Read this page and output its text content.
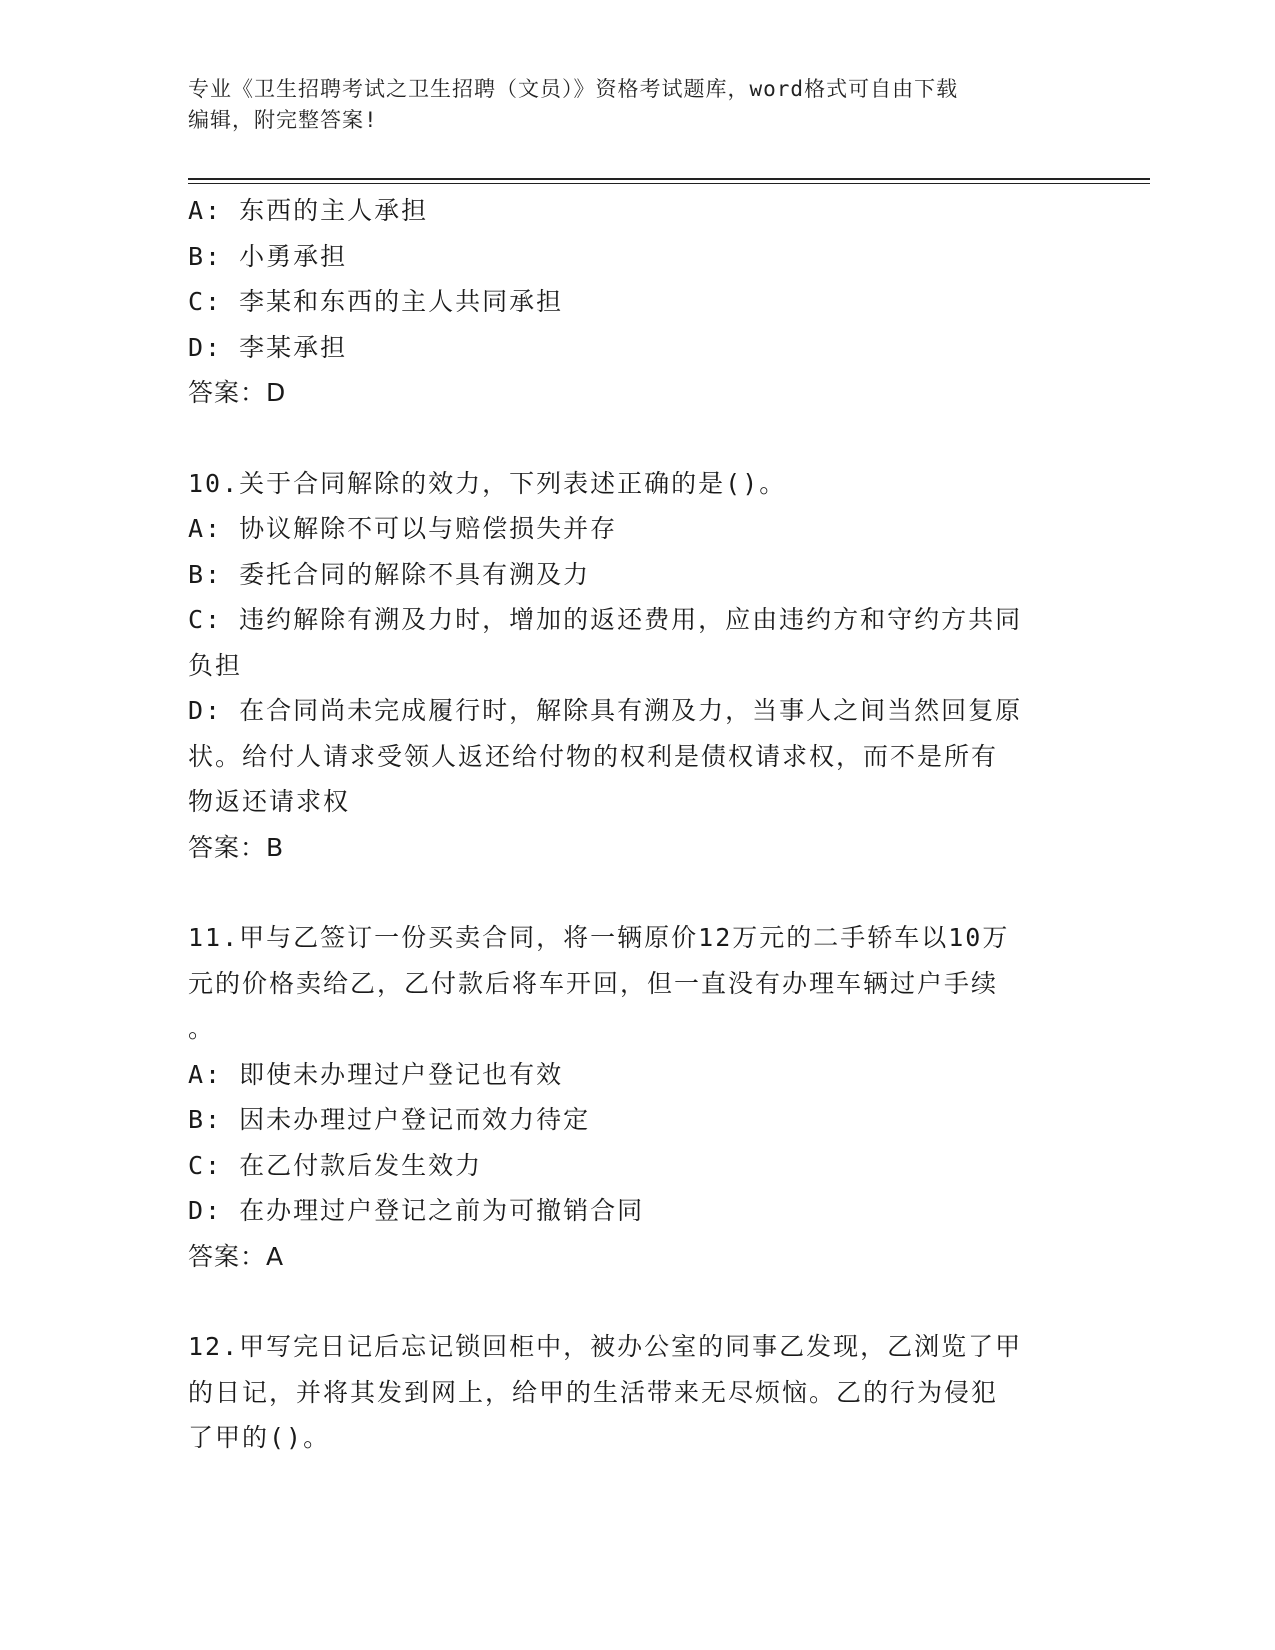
专业《卫生招聘考试之卫生招聘（文员）》资格考试题库，word格式可自由下载
编辑，附完整答案!
A: 东西的主人承担
B: 小勇承担
C: 李某和东西的主人共同承担
D: 李某承担
答案：D
10.关于合同解除的效力，下列表述正确的是()。
A: 协议解除不可以与赔偿损失并存
B: 委托合同的解除不具有溯及力
C: 违约解除有溯及力时，增加的返还费用，应由违约方和守约方共同
负担
D: 在合同尚未完成履行时，解除具有溯及力，当事人之间当然回复原
状。给付人请求受领人返还给付物的权利是债权请求权，而不是所有
物返还请求权
答案：B
11.甲与乙签订一份买卖合同，将一辆原价12万元的二手轿车以10万
元的价格卖给乙，乙付款后将车开回，但一直没有办理车辆过户手续
。
A: 即使未办理过户登记也有效
B: 因未办理过户登记而效力待定
C: 在乙付款后发生效力
D: 在办理过户登记之前为可撤销合同
答案：A
12.甲写完日记后忘记锁回柜中，被办公室的同事乙发现，乙浏览了甲
的日记，并将其发到网上，给甲的生活带来无尽烦恼。乙的行为侵犯
了甲的()。
